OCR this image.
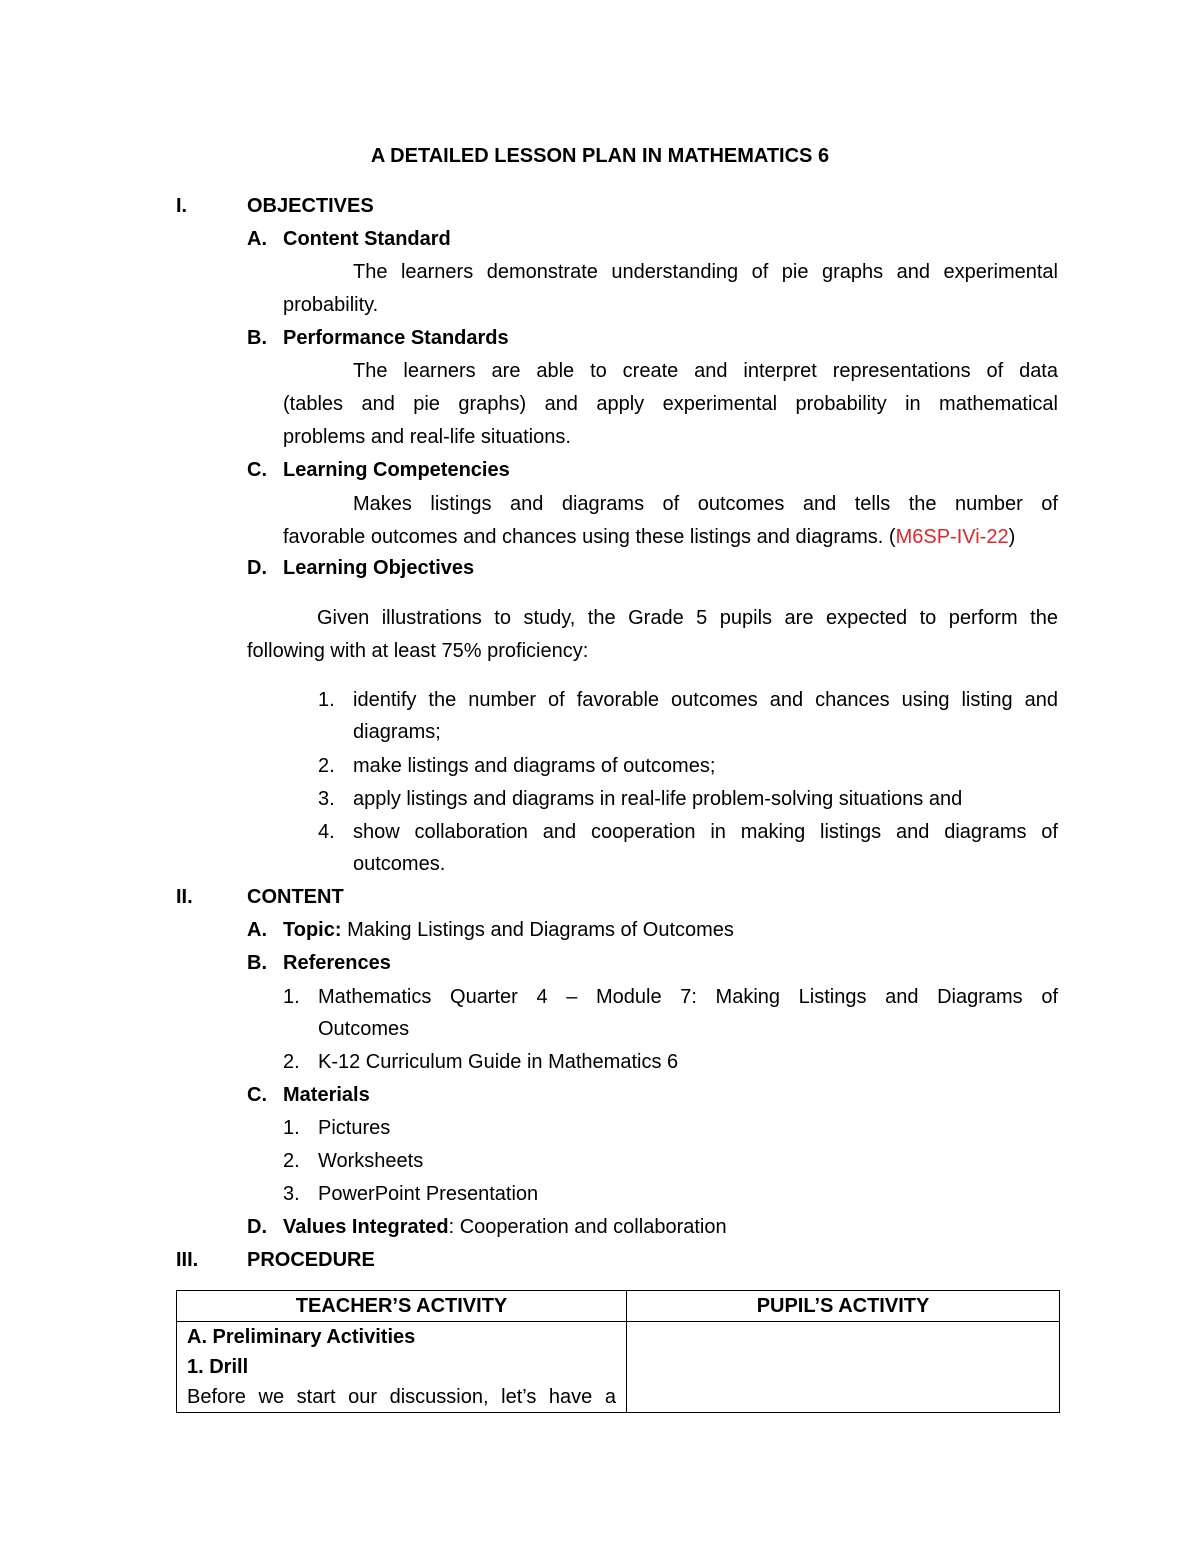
A DETAILED LESSON PLAN IN MATHEMATICS 6
I.	OBJECTIVES
A. Content Standard
The learners demonstrate understanding of pie graphs and experimental
probability.
B. Performance Standards
The learners are able to create and interpret representations of data
(tables and pie graphs) and apply experimental probability in mathematical
problems and real-life situations.
C. Learning Competencies
Makes listings and diagrams of outcomes and tells the number of
favorable outcomes and chances using these listings and diagrams. (M6SP-IVi-22)
D. Learning Objectives
Given illustrations to study, the Grade 5 pupils are expected to perform the
following with at least 75% proficiency:
1. identify the number of favorable outcomes and chances using listing and
diagrams;
2. make listings and diagrams of outcomes;
3. apply listings and diagrams in real-life problem-solving situations and
4. show collaboration and cooperation in making listings and diagrams of
outcomes.
II.	CONTENT
A. Topic: Making Listings and Diagrams of Outcomes
B. References
1. Mathematics Quarter 4 – Module 7: Making Listings and Diagrams of
Outcomes
2. K-12 Curriculum Guide in Mathematics 6
C. Materials
1. Pictures
2. Worksheets
3. PowerPoint Presentation
D. Values Integrated: Cooperation and collaboration
III. PROCEDURE
TEACHER’S ACTIVITY	PUPIL’S ACTIVITY

A. Preliminary Activities
1. Drill
Before we start our discussion, let’s have a	
